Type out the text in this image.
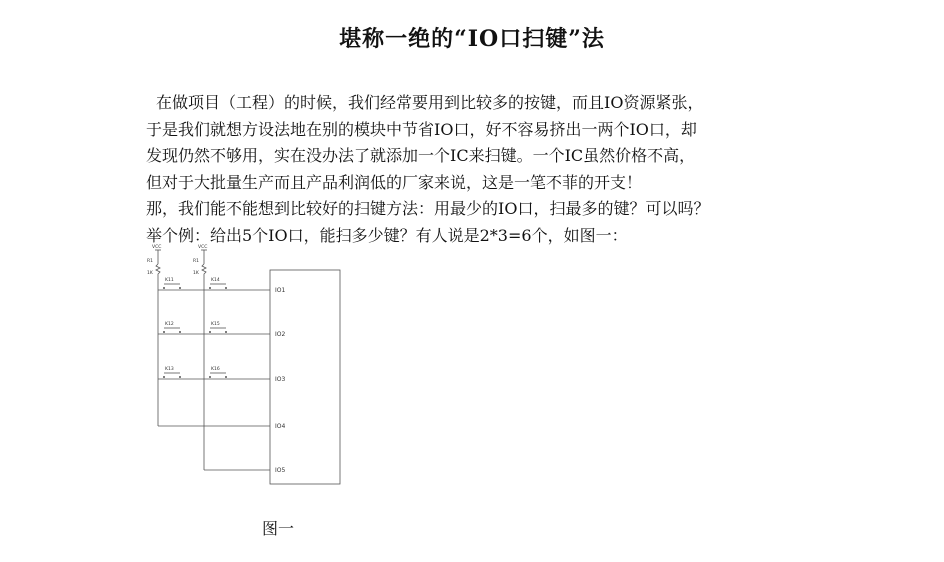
堪称一绝的“IO口扫键”法
在做项目（工程）的时候，我们经常要用到比较多的按键，而且IO资源紧张，
于是我们就想方设法地在别的模块中节省IO口，好不容易挤出一两个IO口，却
发现仍然不够用，实在没办法了就添加一个IC来扫键。一个IC虽然价格不高，
但对于大批量生产而且产品利润低的厂家来说，这是一笔不菲的开支！
那，我们能不能想到比较好的扫键方法：用最少的IO口，扫最多的键？可以吗？
举个例：给出5个IO口，能扫多少键？有人说是2*3=6个，如图一：
VCC	VCC
R1	R1
1K	1K
K11	K14
K12	K15
K13	K16
IO1
IO2
IO3
IO4
IO5
图一
